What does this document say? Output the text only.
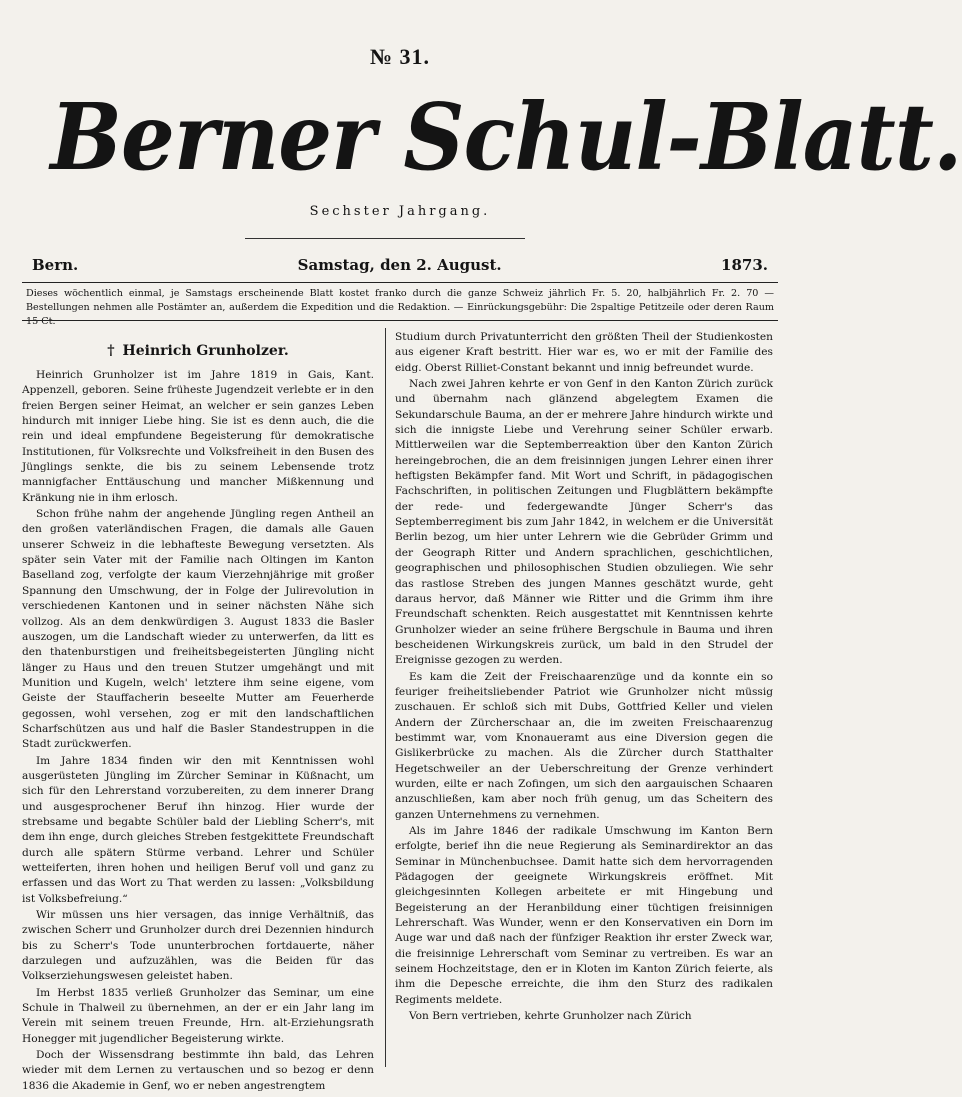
№ 31.
Berner Schul-Blatt.
Sechster Jahrgang.
Bern.	Samstag, den 2. August.	1873.
Dieses wöchentlich einmal, je Samstags erscheinende Blatt kostet franko durch die ganze Schweiz jährlich Fr. 5. 20, halbjährlich Fr. 2. 70 — Bestellungen nehmen alle Postämter an, außerdem die Expedition und die Redaktion. — Einrückungsgebühr: Die 2spaltige Petitzeile oder deren Raum 15 Ct.
† Heinrich Grunholzer.

Heinrich Grunholzer ist im Jahre 1819 in Gais, Kant. Appenzell, geboren. Seine früheste Jugendzeit verlebte er in den freien Bergen seiner Heimat, an welcher er sein ganzes Leben hindurch mit inniger Liebe hing. Sie ist es denn auch, die die rein und ideal empfundene Begeisterung für demokratische Institutionen, für Volksrechte und Volksfreiheit in den Busen des Jünglings senkte, die bis zu seinem Lebensende trotz mannigfacher Enttäuschung und mancher Mißkennung und Kränkung nie in ihm erlosch.

Schon frühe nahm der angehende Jüngling regen Antheil an den großen vaterländischen Fragen, die damals alle Gauen unserer Schweiz in die lebhafteste Bewegung versetzten. Als später sein Vater mit der Familie nach Oltingen im Kanton Baselland zog, verfolgte der kaum Vierzehnjährige mit großer Spannung den Umschwung, der in Folge der Julirevolution in verschiedenen Kantonen und in seiner nächsten Nähe sich vollzog. Als an dem denkwürdigen 3. August 1833 die Basler auszogen, um die Landschaft wieder zu unterwerfen, da litt es den thatenburstigen und freiheitsbegeisterten Jüngling nicht länger zu Haus und den treuen Stutzer umgehängt und mit Munition und Kugeln, welch' letztere ihm seine eigene, vom Geiste der Stauffacherin beseelte Mutter am Feuerherde gegossen, wohl versehen, zog er mit den landschaftlichen Scharfschützen aus und half die Basler Standestruppen in die Stadt zurückwerfen.

Im Jahre 1834 finden wir den mit Kenntnissen wohl ausgerüsteten Jüngling im Zürcher Seminar in Küßnacht, um sich für den Lehrerstand vorzubereiten, zu dem innerer Drang und ausgesprochener Beruf ihn hinzog. Hier wurde der strebsame und begabte Schüler bald der Liebling Scherr's, mit dem ihn enge, durch gleiches Streben festgekittete Freundschaft durch alle spätern Stürme verband. Lehrer und Schüler wetteiferten, ihren hohen und heiligen Beruf voll und ganz zu erfassen und das Wort zu That werden zu lassen: „Volksbildung ist Volksbefreiung.“

Wir müssen uns hier versagen, das innige Verhältniß, das zwischen Scherr und Grunholzer durch drei Dezennien hindurch bis zu Scherr's Tode ununterbrochen fortdauerte, näher darzulegen und aufzuzählen, was die Beiden für das Volkserziehungswesen geleistet haben.

Im Herbst 1835 verließ Grunholzer das Seminar, um eine Schule in Thalweil zu übernehmen, an der er ein Jahr lang im Verein mit seinem treuen Freunde, Hrn. alt-Erziehungsrath Honegger mit jugendlicher Begeisterung wirkte.

Doch der Wissensdrang bestimmte ihn bald, das Lehren wieder mit dem Lernen zu vertauschen und so bezog er denn 1836 die Akademie in Genf, wo er neben angestrengtem

Studium durch Privatunterricht den größten Theil der Studienkosten aus eigener Kraft bestritt. Hier war es, wo er mit der Familie des eidg. Oberst Rilliet-Constant bekannt und innig befreundet wurde.

Nach zwei Jahren kehrte er von Genf in den Kanton Zürich zurück und übernahm nach glänzend abgelegtem Examen die Sekundarschule Bauma, an der er mehrere Jahre hindurch wirkte und sich die innigste Liebe und Verehrung seiner Schüler erwarb. Mittlerweilen war die Septemberreaktion über den Kanton Zürich hereingebrochen, die an dem freisinnigen jungen Lehrer einen ihrer heftigsten Bekämpfer fand. Mit Wort und Schrift, in pädagogischen Fachschriften, in politischen Zeitungen und Flugblättern bekämpfte der rede- und federgewandte Jünger Scherr's das Septemberregiment bis zum Jahr 1842, in welchem er die Universität Berlin bezog, um hier unter Lehrern wie die Gebrüder Grimm und der Geograph Ritter und Andern sprachlichen, geschichtlichen, geographischen und philosophischen Studien obzuliegen. Wie sehr das rastlose Streben des jungen Mannes geschätzt wurde, geht daraus hervor, daß Männer wie Ritter und die Grimm ihm ihre Freundschaft schenkten. Reich ausgestattet mit Kenntnissen kehrte Grunholzer wieder an seine frühere Bergschule in Bauma und ihren bescheidenen Wirkungskreis zurück, um bald in den Strudel der Ereignisse gezogen zu werden.

Es kam die Zeit der Freischaarenzüge und da konnte ein so feuriger freiheitsliebender Patriot wie Grunholzer nicht müssig zuschauen. Er schloß sich mit Dubs, Gottfried Keller und vielen Andern der Zürcherschaar an, die im zweiten Freischaarenzug bestimmt war, vom Knonaueramt aus eine Diversion gegen die Gislikerbrücke zu machen. Als die Zürcher durch Statthalter Hegetschweiler an der Ueberschreitung der Grenze verhindert wurden, eilte er nach Zofingen, um sich den aargauischen Schaaren anzuschließen, kam aber noch früh genug, um das Scheitern des ganzen Unternehmens zu vernehmen.

Als im Jahre 1846 der radikale Umschwung im Kanton Bern erfolgte, berief ihn die neue Regierung als Seminardirektor an das Seminar in Münchenbuchsee. Damit hatte sich dem hervorragenden Pädagogen der geeignete Wirkungskreis eröffnet. Mit gleichgesinnten Kollegen arbeitete er mit Hingebung und Begeisterung an der Heranbildung einer tüchtigen freisinnigen Lehrerschaft. Was Wunder, wenn er den Konservativen ein Dorn im Auge war und daß nach der fünfziger Reaktion ihr erster Zweck war, die freisinnige Lehrerschaft vom Seminar zu vertreiben. Es war an seinem Hochzeitstage, den er in Kloten im Kanton Zürich feierte, als ihm die Depesche erreichte, die ihm den Sturz des radikalen Regiments meldete.

Von Bern vertrieben, kehrte Grunholzer nach Zürich
